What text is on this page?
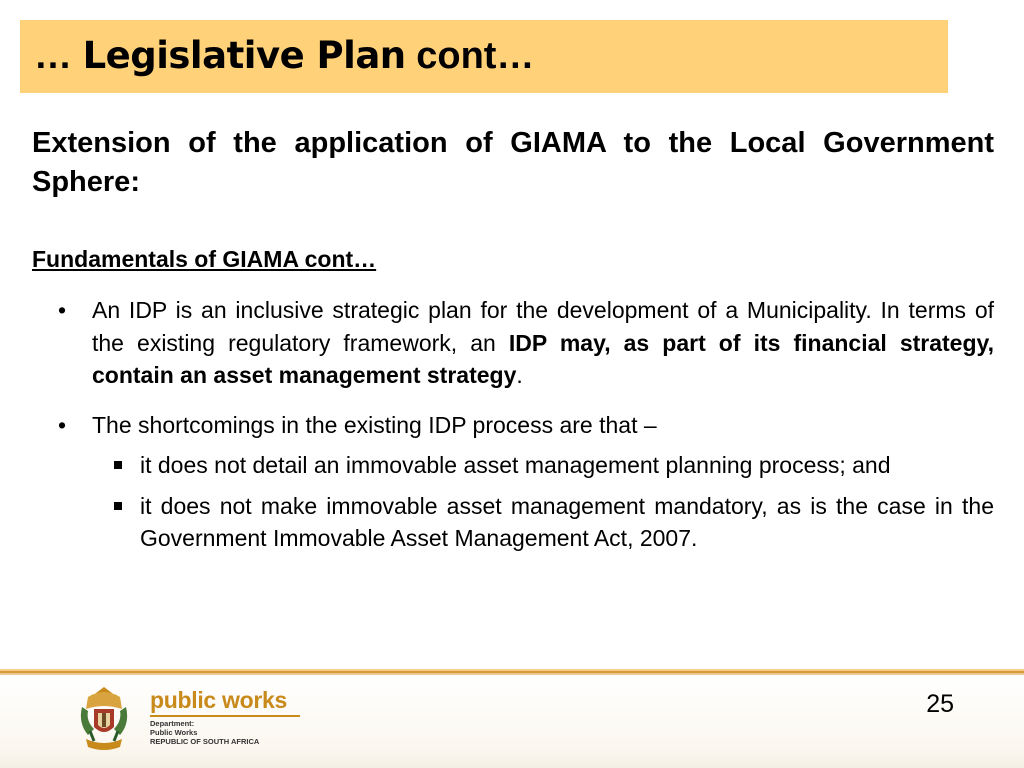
… Legislative Plan cont…

Extension of the application of GIAMA to the Local Government Sphere:

Fundamentals of GIAMA cont…

• An IDP is an inclusive strategic plan for the development of a Municipality. In terms of the existing regulatory framework, an IDP may, as part of its financial strategy, contain an asset management strategy.
• The shortcomings in the existing IDP process are that –
it does not detail an immovable asset management planning process; and
it does not make immovable asset management mandatory, as is the case in the Government Immovable Asset Management Act, 2007.

public works

Department:
Public Works
REPUBLIC OF SOUTH AFRICA
25
